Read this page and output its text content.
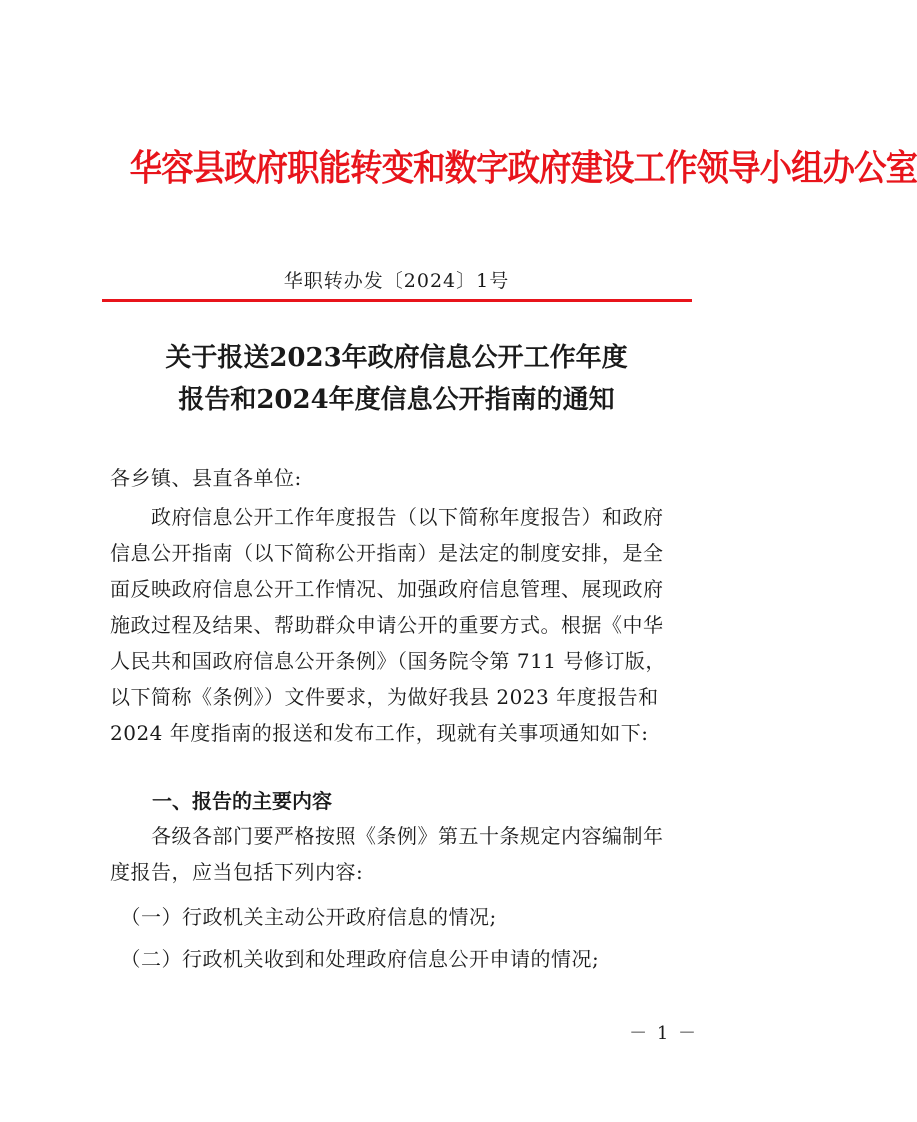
华容县政府职能转变和数字政府建设工作领导小组办公室
华职转办发〔2024〕1号
关于报送2023年政府信息公开工作年度
报告和2024年度信息公开指南的通知
各乡镇、县直各单位:
　　政府信息公开工作年度报告（以下简称年度报告）和政府
信息公开指南（以下简称公开指南）是法定的制度安排，是全
面反映政府信息公开工作情况、加强政府信息管理、展现政府
施政过程及结果、帮助群众申请公开的重要方式。根据《中华
人民共和国政府信息公开条例》（国务院令第 711 号修订版，
以下简称《条例》）文件要求，为做好我县 2023 年度报告和
2024 年度指南的报送和发布工作，现就有关事项通知如下:
一、报告的主要内容
　　各级各部门要严格按照《条例》第五十条规定内容编制年
度报告，应当包括下列内容:
　（一）行政机关主动公开政府信息的情况;
　（二）行政机关收到和处理政府信息公开申请的情况;
－ 1 －
